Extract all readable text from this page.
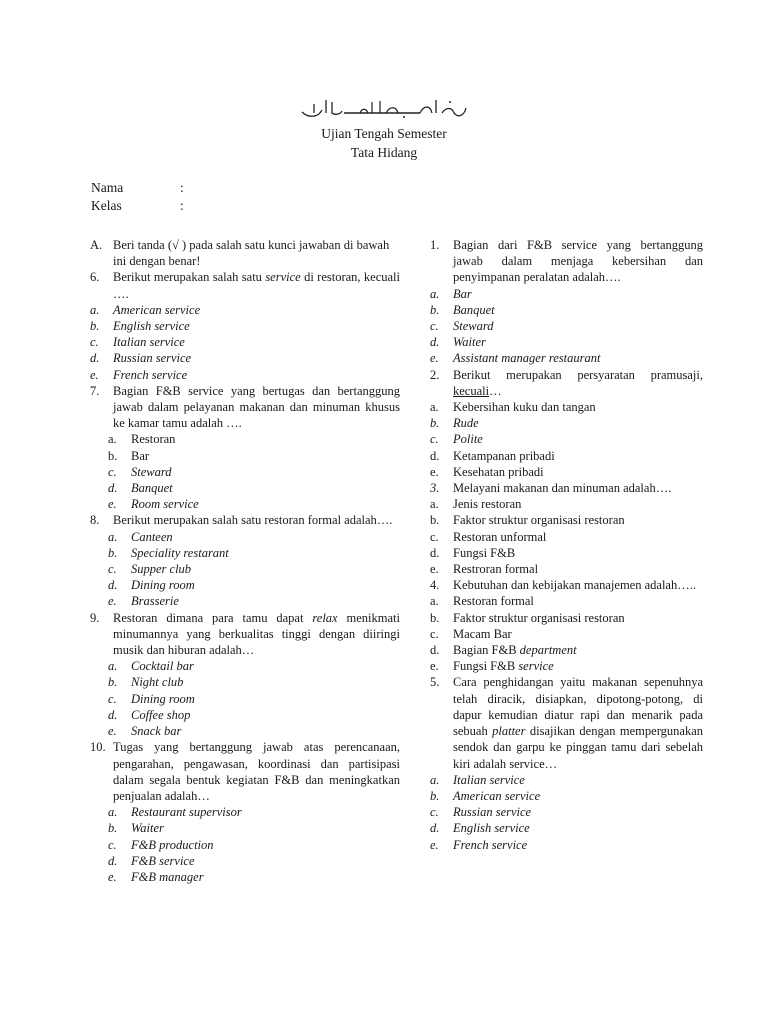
Ujian Tengah Semester
Tata Hidang
Nama	:
Kelas	:
A. Beri tanda (√ ) pada salah satu kunci jawaban di bawah ini dengan benar!
6. Berikut merupakan salah satu service di restoran, kecuali ….
a. American service
b. English service
c. Italian service
d. Russian service
e. French service
7. Bagian F&B service yang bertugas dan bertanggung jawab dalam pelayanan makanan dan minuman khusus ke kamar tamu adalah ….
a. Restoran
b. Bar
c. Steward
d. Banquet
e. Room service
8. Berikut merupakan salah satu restoran formal adalah….
a. Canteen
b. Speciality restarant
c. Supper club
d. Dining room
e. Brasserie
9. Restoran dimana para tamu dapat relax menikmati minumannya yang berkualitas tinggi dengan diiringi musik dan hiburan adalah…
a. Cocktail bar
b. Night club
c. Dining room
d. Coffee shop
e. Snack bar
10. Tugas yang bertanggung jawab atas perencanaan, pengarahan, pengawasan, koordinasi dan partisipasi dalam segala bentuk kegiatan F&B dan meningkatkan penjualan adalah…
a. Restaurant supervisor
b. Waiter
c. F&B production
d. F&B service
e. F&B manager
1. Bagian dari F&B service yang bertanggung jawab dalam menjaga kebersihan dan penyimpanan peralatan adalah….
a. Bar
b. Banquet
c. Steward
d. Waiter
e. Assistant manager restaurant
2. Berikut merupakan persyaratan pramusaji, kecuali…
a. Kebersihan kuku dan tangan
b. Rude
c. Polite
d. Ketampanan pribadi
e. Kesehatan pribadi
3. Melayani makanan dan minuman adalah….
a. Jenis restoran
b. Faktor struktur organisasi restoran
c. Restoran unformal
d. Fungsi F&B
e. Restroran formal
4. Kebutuhan dan kebijakan manajemen adalah…..
a. Restoran formal
b. Faktor struktur organisasi restoran
c. Macam Bar
d. Bagian F&B department
e. Fungsi F&B service
5. Cara penghidangan yaitu makanan sepenuhnya telah diracik, disiapkan, dipotong-potong, di dapur kemudian diatur rapi dan menarik pada sebuah platter disajikan dengan mempergunakan sendok dan garpu ke pinggan tamu dari sebelah kiri adalah service…
a. Italian service
b. American service
c. Russian service
d. English service
e. French service
